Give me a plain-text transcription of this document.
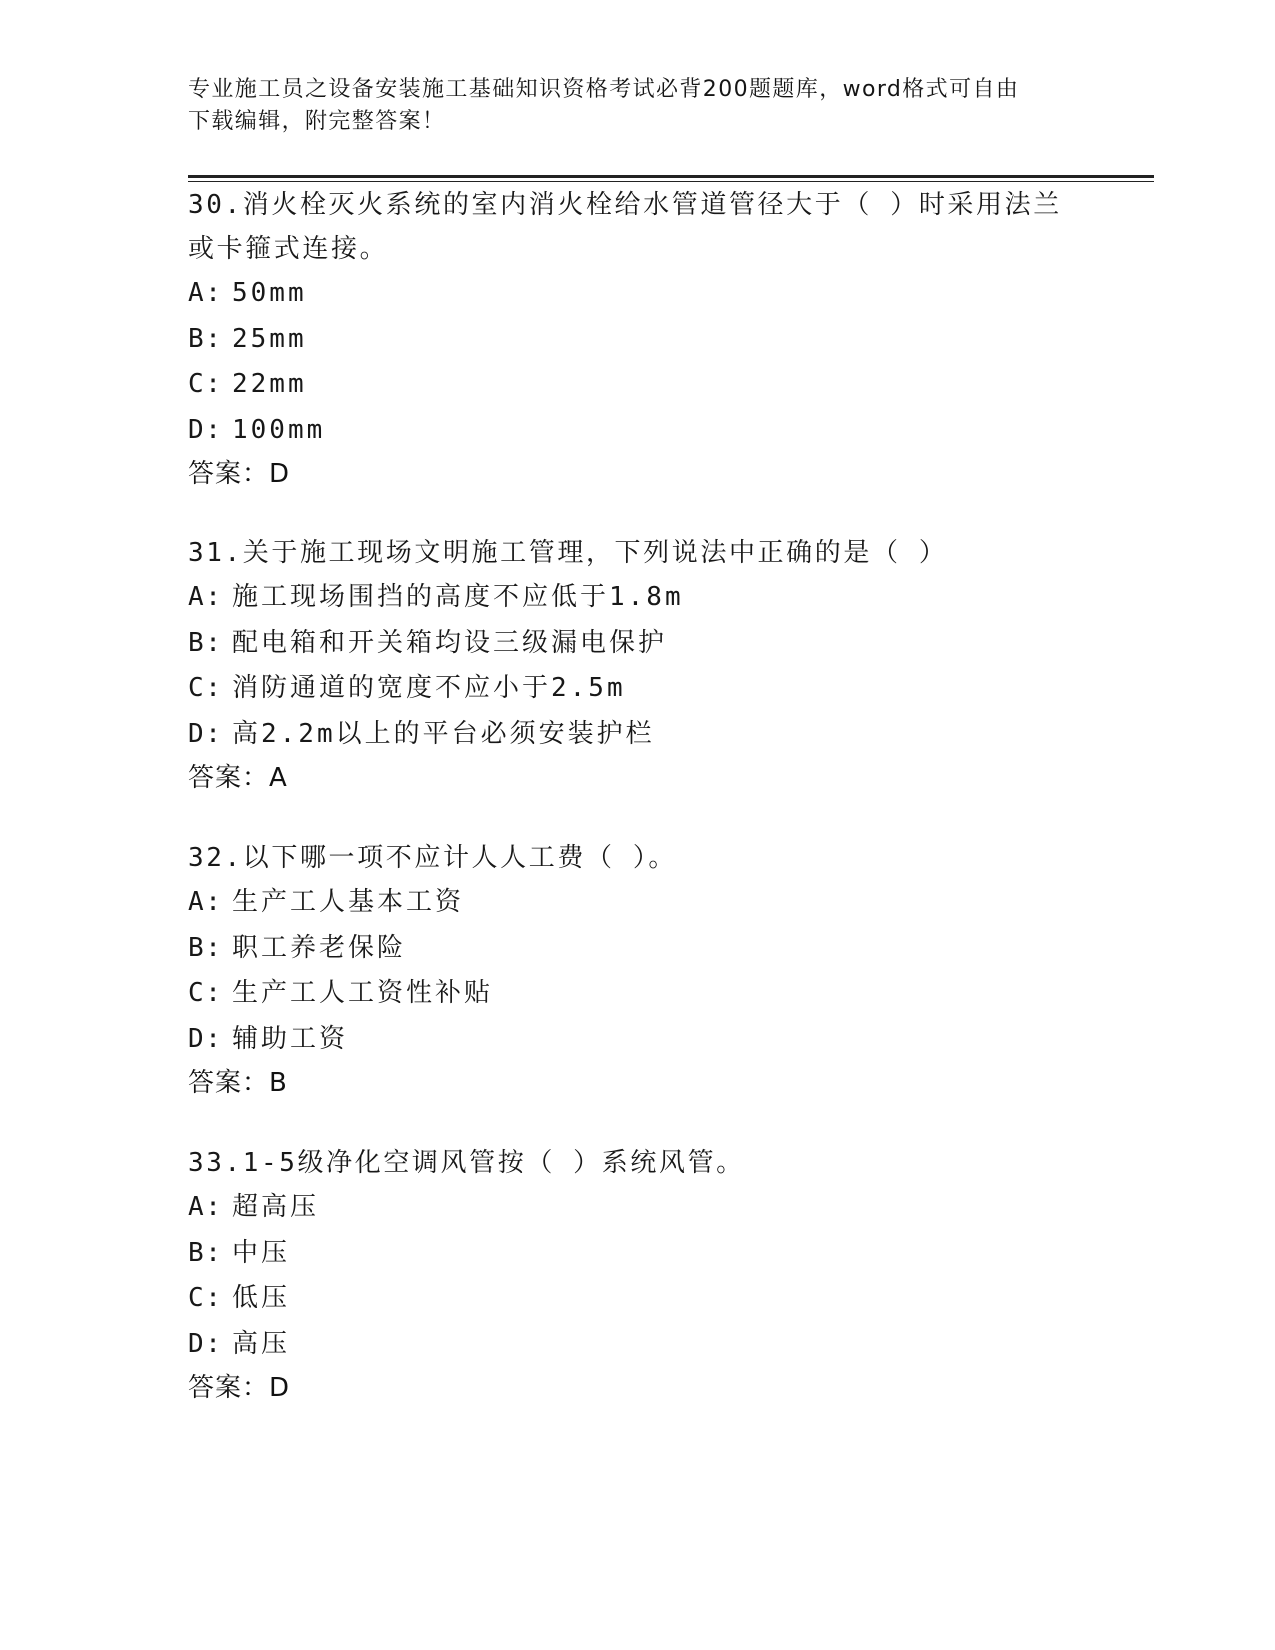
专业施工员之设备安装施工基础知识资格考试必背200题题库，word格式可自由
下载编辑，附完整答案！

30.消火栓灭火系统的室内消火栓给水管道管径大于（ ）时采用法兰
或卡箍式连接。

A: 50mm
B: 25mm
C: 22mm
D: 100mm

答案：D

31.关于施工现场文明施工管理，下列说法中正确的是（ ）

A: 施工现场围挡的高度不应低于1.8m
B: 配电箱和开关箱均设三级漏电保护
C: 消防通道的宽度不应小于2.5m
D: 高2.2m以上的平台必须安装护栏

答案：A

32.以下哪一项不应计人人工费（ ）。

A: 生产工人基本工资
B: 职工养老保险
C: 生产工人工资性补贴
D: 辅助工资

答案：B

33.1-5级净化空调风管按（ ）系统风管。

A: 超高压
B: 中压
C: 低压
D: 高压

答案：D
